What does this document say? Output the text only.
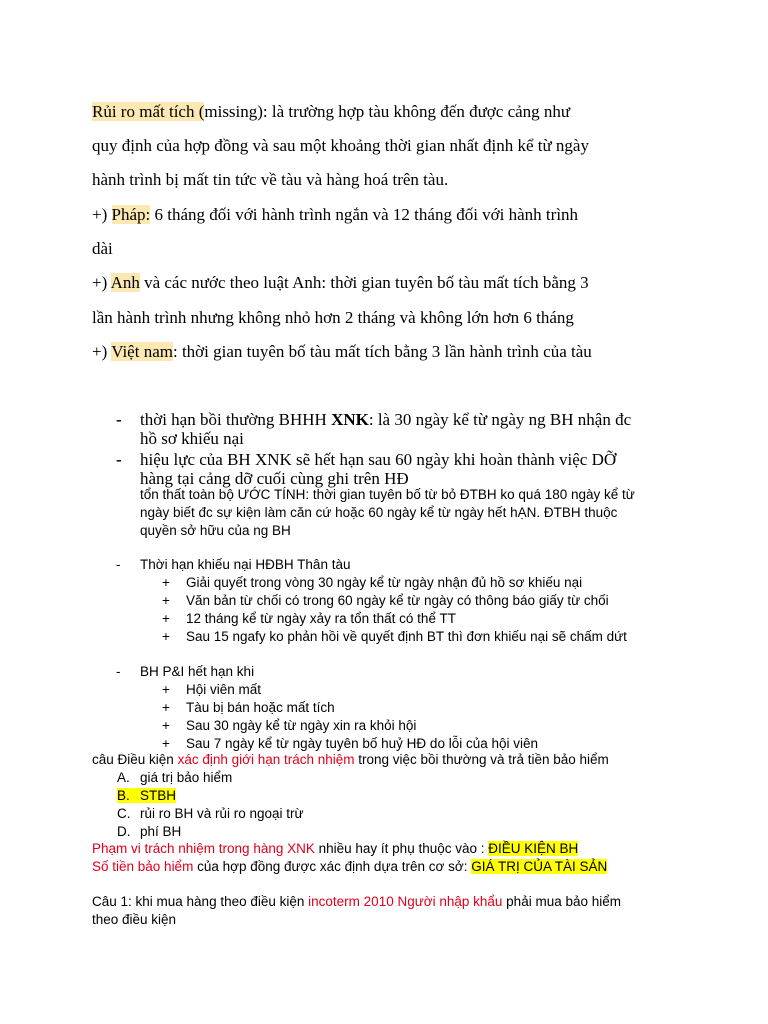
Rủi ro mất tích (missing): là trường hợp tàu không đến được cảng như
quy định của hợp đồng và sau một khoảng thời gian nhất định kể từ ngày
hành trình bị mất tin tức về tàu và hàng hoá trên tàu.
+) Pháp: 6 tháng đối với hành trình ngắn và 12 tháng đối với hành trình
dài
+) Anh và các nước theo luật Anh: thời gian tuyên bố tàu mất tích bằng 3
lần hành trình nhưng không nhỏ hơn 2 tháng và không lớn hơn 6 tháng
+) Việt nam: thời gian tuyên bố tàu mất tích bằng 3 lần hành trình của tàu
- thời hạn bồi thường BHHH XNK: là 30 ngày kể từ ngày ng BH nhận đc
hồ sơ khiếu nại
- hiệu lực của BH XNK sẽ hết hạn sau 60 ngày khi hoàn thành việc DỠ
hàng tại cảng dỡ cuối cùng ghi trên HĐ
tổn thất toàn bộ ƯỚC TÍNH: thời gian tuyên bố từ bỏ ĐTBH ko quá 180 ngày kể từ
ngày biết đc sự kiện làm căn cứ hoặc 60 ngày kể từ ngày hết hẠN. ĐTBH thuộc
quyền sở hữu của ng BH
- Thời hạn khiếu nại HĐBH Thân tàu
+ Giải quyết trong vòng 30 ngày kể từ ngày nhận đủ hồ sơ khiếu nại
+ Văn bản từ chối có trong 60 ngày kể từ ngày có thông báo giấy từ chối
+ 12 tháng kể từ ngày xảy ra tổn thất có thể TT
+ Sau 15 ngafy ko phản hồi về quyết định BT thì đơn khiếu nại sẽ chấm dứt
- BH P&I hết hạn khi
+ Hội viên mất
+ Tàu bị bán hoặc mất tích
+ Sau 30 ngày kể từ ngày xin ra khỏi hội
+ Sau 7 ngày kể từ ngày tuyên bố huỷ HĐ do lỗi của hội viên
câu Điều kiện xác định giới hạn trách nhiệm trong việc bồi thường và trả tiền bảo hiểm
A. giá trị bảo hiểm
B. STBH
C. rủi ro BH và rủi ro ngoại trừ
D. phí BH
Phạm vi trách nhiệm trong hàng XNK nhiều hay ít phụ thuộc vào : ĐIỀU KIỆN BH
Số tiền bảo hiểm của hợp đồng được xác định dựa trên cơ sở: GIÁ TRỊ CỦA TÀI SẢN
Câu 1: khi mua hàng theo điều kiện incoterm 2010 Người nhập khẩu phải mua bảo hiểm
theo điều kiện
